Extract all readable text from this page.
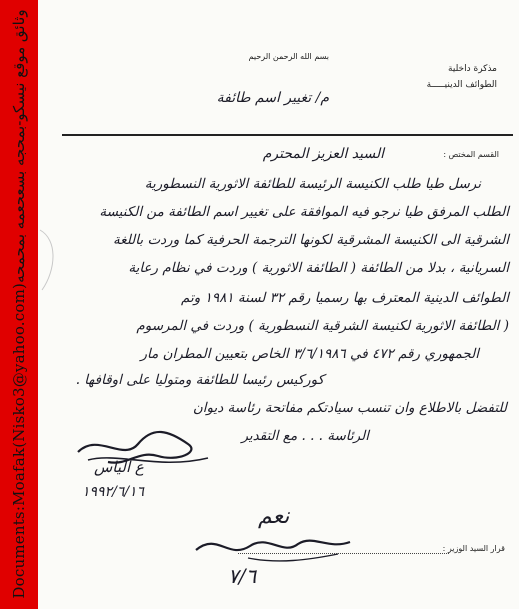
Documents:Moafak(Nisko3@yahoo.com)وثائق موقع نيسكو-بمحجه بسعحعمه بمحمحه	بسم الله الرحمن الرحيم
مذكرة داخلية
الطوائف الدينيـــــة
م/ تغيير اسم طائفة
القسم المختص :
السيد العزيز المحترم
نرسل طيا طلب الكنيسة الرئيسة للطائفة الاثورية النسطورية
الطلب المرفق طيا نرجو فيه الموافقة على تغيير اسم الطائفة من الكنيسة
الشرقية الى الكنيسة المشرقية لكونها الترجمة الحرفية كما وردت باللغة
السريانية ، بدلا من الطائفة ( الطائفة الاثورية ) وردت في نظام رعاية
الطوائف الدينية المعترف بها رسميا رقم ٣٢ لسنة ١٩٨١ وتم
( الطائفة الاثورية لكنيسة الشرقية النسطورية ) وردت في المرسوم
الجمهوري رقم ٤٧٢ في ٣/٦/١٩٨٦ الخاص بتعيين المطران مار
كوركيس رئيسا للطائفة ومتوليا على اوقافها .
للتفضل بالاطلاع وان تنسب سيادتكم مفاتحة رئاسة ديوان
الرئاسة . . . مع التقدير
ع الياس
١٩٩٢/٦/١٦
نعم
قرار السيد الوزير :
٧/٦
